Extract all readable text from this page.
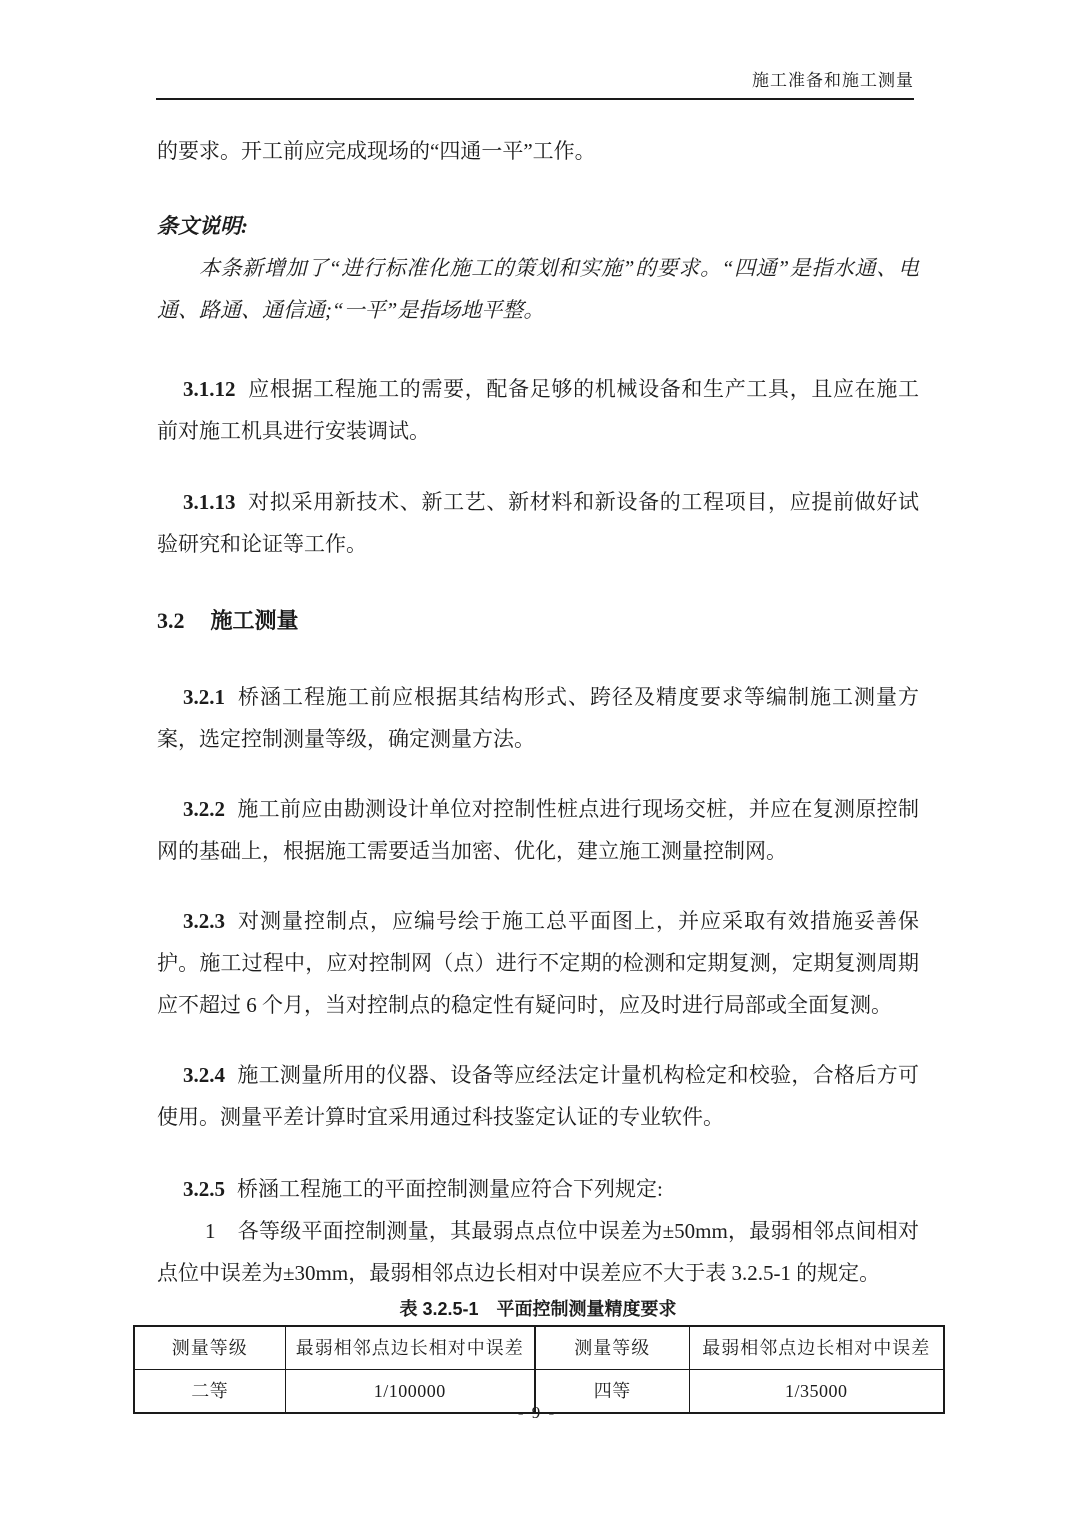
施工准备和施工测量

的要求。开工前应完成现场的“四通一平”工作。

条文说明:

本条新增加了“进行标准化施工的策划和实施”的要求。“四通”是指水通、电通、路通、通信通;“一平”是指场地平整。

3.1.12 应根据工程施工的需要，配备足够的机械设备和生产工具，且应在施工前对施工机具进行安装调试。

3.1.13 对拟采用新技术、新工艺、新材料和新设备的工程项目，应提前做好试验研究和论证等工作。

3.2 施工测量

3.2.1 桥涵工程施工前应根据其结构形式、跨径及精度要求等编制施工测量方案，选定控制测量等级，确定测量方法。

3.2.2 施工前应由勘测设计单位对控制性桩点进行现场交桩，并应在复测原控制网的基础上，根据施工需要适当加密、优化，建立施工测量控制网。

3.2.3 对测量控制点，应编号绘于施工总平面图上，并应采取有效措施妥善保护。施工过程中，应对控制网（点）进行不定期的检测和定期复测，定期复测周期应不超过 6 个月，当对控制点的稳定性有疑问时，应及时进行局部或全面复测。

3.2.4 施工测量所用的仪器、设备等应经法定计量机构检定和校验，合格后方可使用。测量平差计算时宜采用通过科技鉴定认证的专业软件。

3.2.5 桥涵工程施工的平面控制测量应符合下列规定:

1 各等级平面控制测量，其最弱点点位中误差为±50mm，最弱相邻点间相对点位中误差为±30mm，最弱相邻点边长相对中误差应不大于表 3.2.5-1 的规定。

表 3.2.5-1　平面控制测量精度要求

测量等级	最弱相邻点边长相对中误差	测量等级	最弱相邻点边长相对中误差
二等	1/100000	四等	1/35000
- 9 -
